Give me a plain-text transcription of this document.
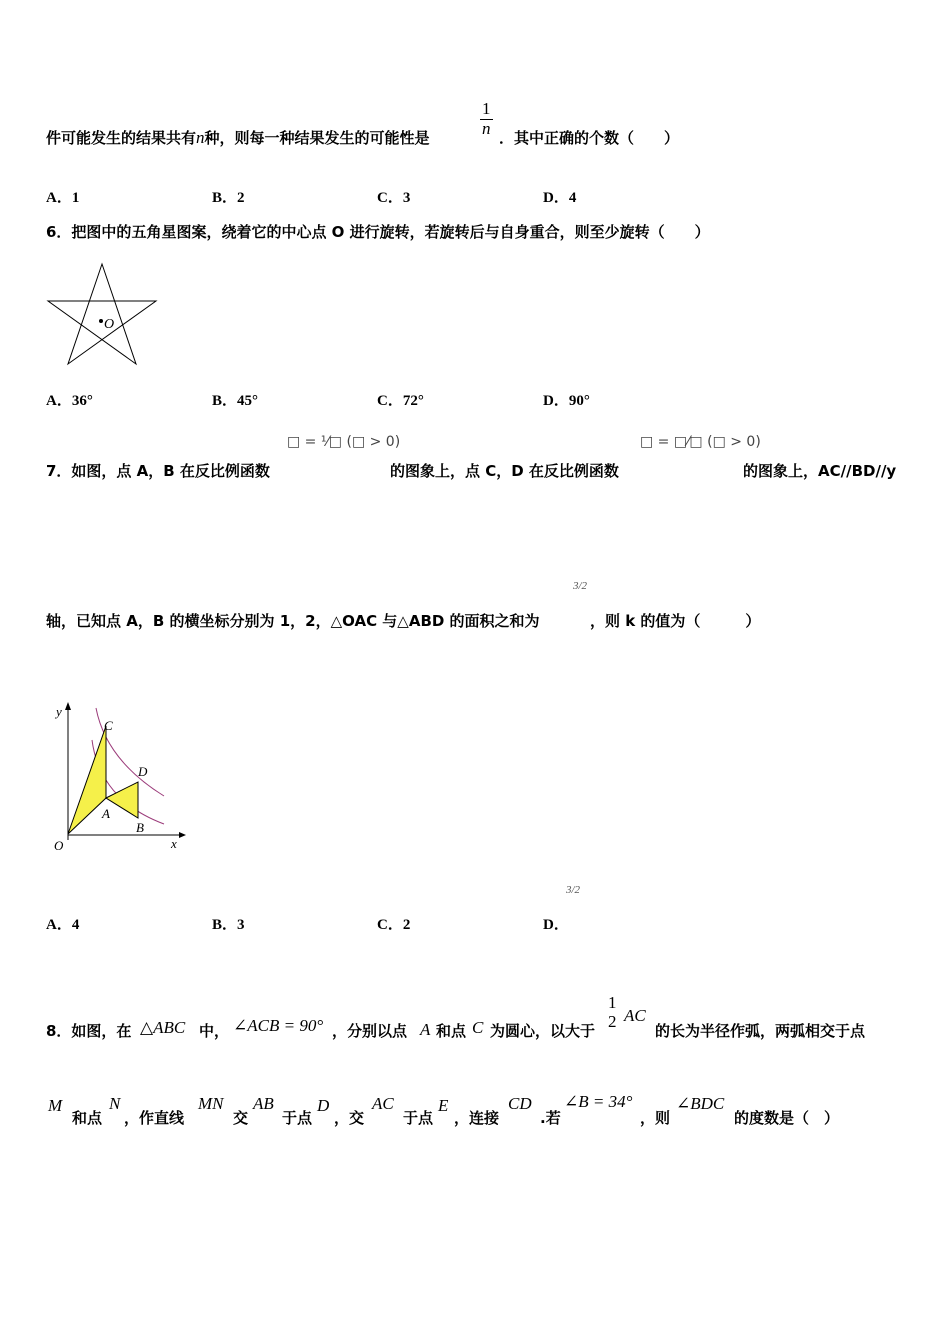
件可能发生的结果共有n种，则每一种结果发生的可能性是	$\frac{1}{n}$ ．其中正确的个数（　　）
A．1	B．2	C．3	D．4
6．把图中的五角星图案，绕着它的中心点 O 进行旋转，若旋转后与自身重合，则至少旋转（　　）
O
A．36°	B．45°	C．72°	D．90°
□ = ¹⁄□ (□ > 0)	□ = □⁄□ (□ > 0)
7．如图，点 A，B 在反比例函数	的图象上，点 C，D 在反比例函数	的图象上，AC//BD//y
3/2
轴，已知点 A，B 的横坐标分别为 1，2，△OAC 与△ABD 的面积之和为	，则 k 的值为（　　　）
y
x
O
C
D
A
B
A．4	B．3	C．2	D．
3/2
8．如图，在 △ABC 中， ∠ACB = 90° ，分别以点 A 和点 C 为圆心，以大于
1
2 AC
的长为半径作弧，两弧相交于点
M
和点
N
，作直线
MN
交
AB
于点
D
，交
AC
于点
E
，连接
CD
.若
∠B = 34°
，则
∠BDC
的度数是（　）
